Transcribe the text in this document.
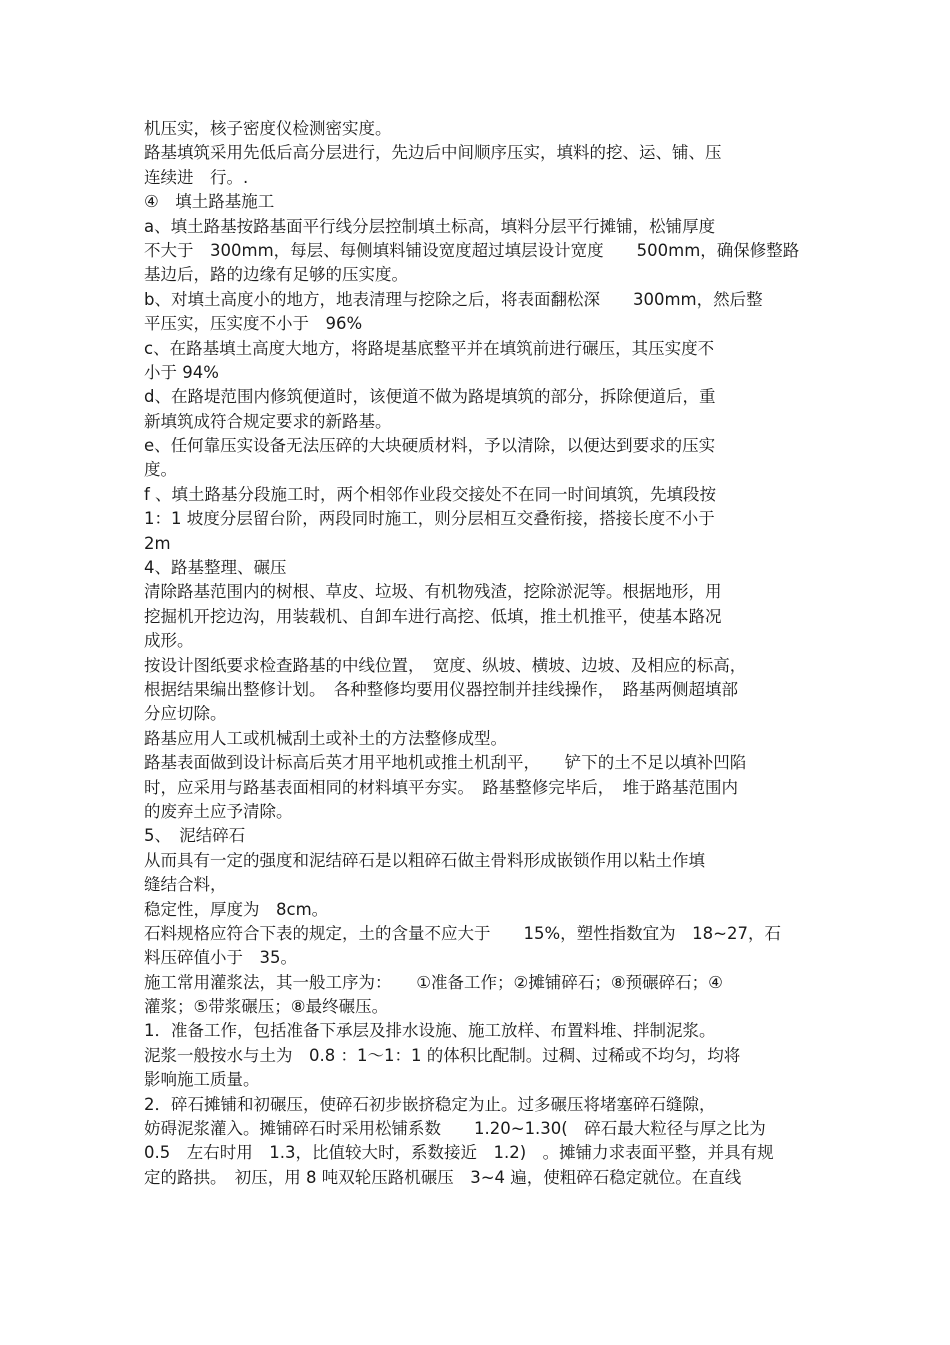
机压实，核子密度仪检测密实度。
路基填筑采用先低后高分层进行，先边后中间顺序压实，填料的挖、运、铺、压
连续进　行。.
④　填土路基施工
a、填土路基按路基面平行线分层控制填土标高，填料分层平行摊铺，松铺厚度
不大于　300mm，每层、每侧填料铺设宽度超过填层设计宽度　　500mm，确保修整路
基边后，路的边缘有足够的压实度。
b、对填土高度小的地方，地表清理与挖除之后，将表面翻松深　　300mm，然后整
平压实，压实度不小于　96%
c、在路基填土高度大地方，将路堤基底整平并在填筑前进行碾压，其压实度不
小于 94%
d、在路堤范围内修筑便道时，该便道不做为路堤填筑的部分，拆除便道后，重
新填筑成符合规定要求的新路基。
e、任何靠压实设备无法压碎的大块硬质材料，予以清除，以便达到要求的压实
度。
f 、填土路基分段施工时，两个相邻作业段交接处不在同一时间填筑，先填段按
1：1 坡度分层留台阶，两段同时施工，则分层相互交叠衔接，搭接长度不小于
2m
4、路基整理、碾压
清除路基范围内的树根、草皮、垃圾、有机物残渣，挖除淤泥等。根据地形，用
挖掘机开挖边沟，用装载机、自卸车进行高挖、低填，推土机推平，使基本路况
成形。
按设计图纸要求检查路基的中线位置，　宽度、纵坡、横坡、边坡、及相应的标高，
根据结果编出整修计划。　各种整修均要用仪器控制并挂线操作，　路基两侧超填部
分应切除。
路基应用人工或机械刮土或补土的方法整修成型。
路基表面做到设计标高后英才用平地机或推土机刮平，　　铲下的土不足以填补凹陷
时，应采用与路基表面相同的材料填平夯实。　路基整修完毕后，　堆于路基范围内
的废弃土应予清除。
5、　泥结碎石
从而具有一定的强度和泥结碎石是以粗碎石做主骨料形成嵌锁作用以粘土作填
缝结合料，
稳定性，厚度为　8cm。
石料规格应符合下表的规定，土的含量不应大于　　15%，塑性指数宜为　18~27，石
料压碎值小于　35。
施工常用灌浆法，其一般工序为：　　①准备工作；②摊铺碎石；⑧预碾碎石；④
灌浆；⑤带浆碾压；⑧最终碾压。
1．准备工作，包括准备下承层及排水设施、施工放样、布置料堆、拌制泥浆。
泥浆一般按水与土为　0.8 ：1～1：1 的体积比配制。过稠、过稀或不均匀，均将
影响施工质量。
2．碎石摊铺和初碾压，使碎石初步嵌挤稳定为止。过多碾压将堵塞碎石缝隙，
妨碍泥浆灌入。摊铺碎石时采用松铺系数　　1.20~1.30(　碎石最大粒径与厚之比为
0.5　左右时用　1.3，比值较大时，系数接近　1.2)　。摊铺力求表面平整，并具有规
定的路拱。　初压，用 8 吨双轮压路机碾压　3~4 遍，使粗碎石稳定就位。在直线
